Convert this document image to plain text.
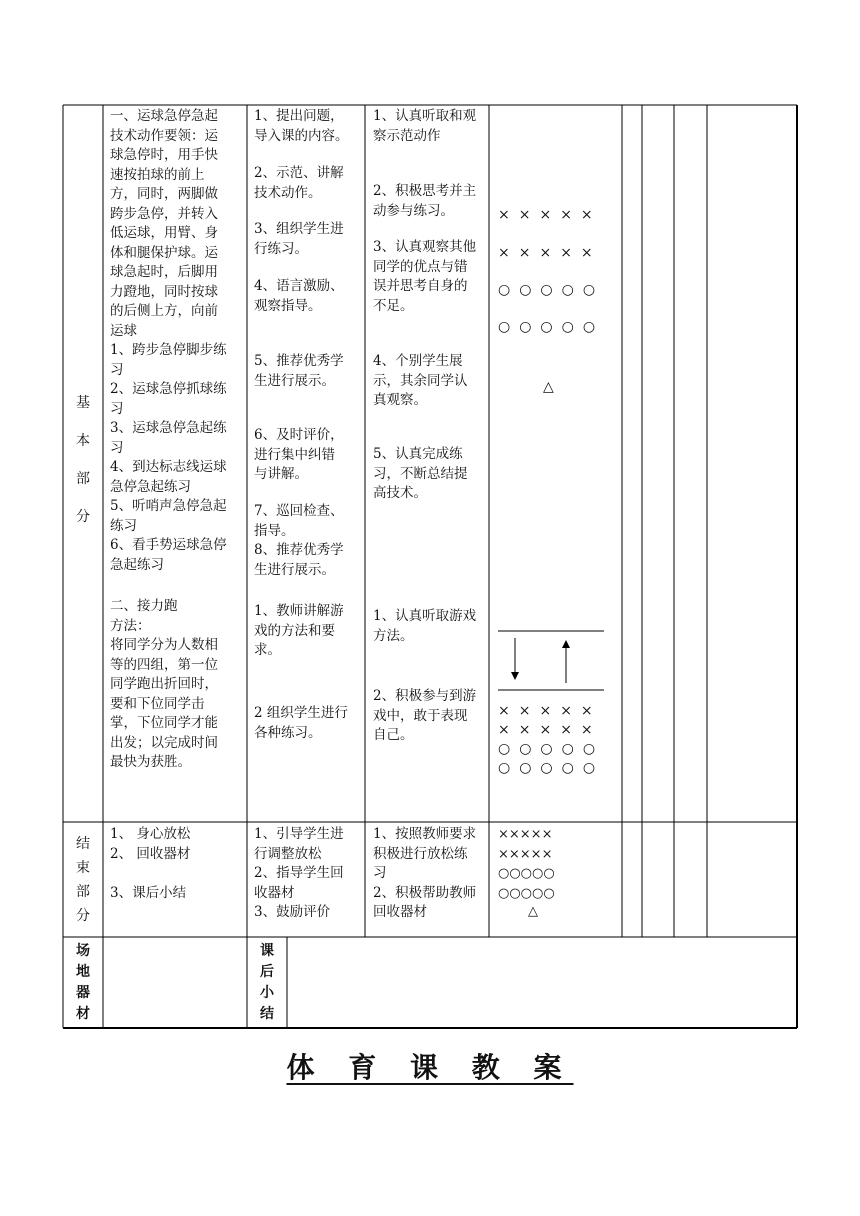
基
本
部
分
一、运球急停急起
技术动作要领：运
球急停时，用手快
速按拍球的前上
方，同时，两脚做
跨步急停，并转入
低运球，用臂、身
体和腿保护球。运
球急起时，后脚用
力蹬地，同时按球
的后侧上方，向前
运球
1、跨步急停脚步练
习
2、运球急停抓球练
习
3、运球急停急起练
习
4、到达标志线运球
急停急起练习
5、听哨声急停急起
练习
6、看手势运球急停
急起练习
二、接力跑
方法：
将同学分为人数相
等的四组，第一位
同学跑出折回时，
要和下位同学击
掌，下位同学才能
出发；以完成时间
最快为获胜。
1、提出问题，
导入课的内容。
2、示范、讲解
技术动作。
3、组织学生进
行练习。
4、语言激励、
观察指导。
5、推荐优秀学
生进行展示。
6、及时评价，
进行集中纠错
与讲解。
7、巡回检查、
指导。
8、推荐优秀学
生进行展示。
1、教师讲解游
戏的方法和要
求。
2 组织学生进行
各种练习。
1、认真听取和观
察示范动作
2、积极思考并主
动参与练习。
3、认真观察其他
同学的优点与错
误并思考自身的
不足。
4、个别学生展
示，其余同学认
真观察。
5、认真完成练
习，不断总结提
高技术。
1、认真听取游戏
方法。
2、积极参与到游
戏中，敢于表现
自己。
×××××
×××××
○○○○○
○○○○○
△
×××××
×××××
○○○○○
○○○○○
结
束
部
分
1、 身心放松
2、 回收器材

3、课后小结
1、引导学生进
行调整放松
2、指导学生回
收器材
3、鼓励评价
1、按照教师要求
积极进行放松练
习
2、积极帮助教师
回收器材
×××××
×××××
○○○○○
○○○○○
△
场
地
器
材
课
后
小
结
体 育 课 教 案
